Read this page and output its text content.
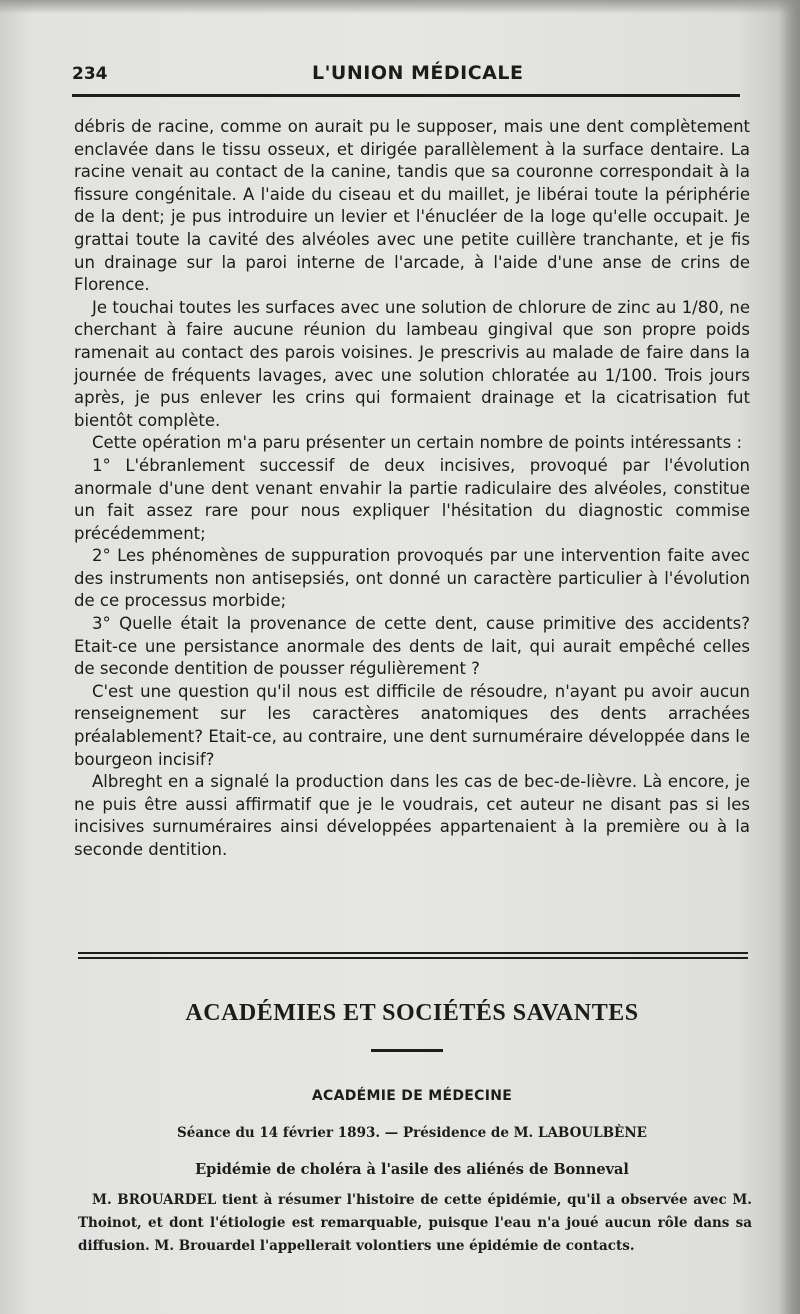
234	L'UNION MÉDICALE

débris de racine, comme on aurait pu le supposer, mais une dent complètement enclavée dans le tissu osseux, et dirigée parallèlement à la surface dentaire. La racine venait au contact de la canine, tandis que sa couronne correspondait à la fissure congénitale. A l'aide du ciseau et du maillet, je libérai toute la périphérie de la dent; je pus introduire un levier et l'énucléer de la loge qu'elle occupait. Je grattai toute la cavité des alvéoles avec une petite cuillère tranchante, et je fis un drainage sur la paroi interne de l'arcade, à l'aide d'une anse de crins de Florence.

Je touchai toutes les surfaces avec une solution de chlorure de zinc au 1/80, ne cherchant à faire aucune réunion du lambeau gingival que son propre poids ramenait au contact des parois voisines. Je prescrivis au malade de faire dans la journée de fréquents lavages, avec une solution chloratée au 1/100. Trois jours après, je pus enlever les crins qui formaient drainage et la cicatrisation fut bientôt complète.

Cette opération m'a paru présenter un certain nombre de points intéressants :

1° L'ébranlement successif de deux incisives, provoqué par l'évolution anormale d'une dent venant envahir la partie radiculaire des alvéoles, constitue un fait assez rare pour nous expliquer l'hésitation du diagnostic commise précédemment;

2° Les phénomènes de suppuration provoqués par une intervention faite avec des instruments non antisepsiés, ont donné un caractère particulier à l'évolution de ce processus morbide;

3° Quelle était la provenance de cette dent, cause primitive des accidents? Etait-ce une persistance anormale des dents de lait, qui aurait empêché celles de seconde dentition de pousser régulièrement ?

C'est une question qu'il nous est difficile de résoudre, n'ayant pu avoir aucun renseignement sur les caractères anatomiques des dents arrachées préalablement? Etait-ce, au contraire, une dent surnuméraire développée dans le bourgeon incisif?

Albreght en a signalé la production dans les cas de bec-de-lièvre. Là encore, je ne puis être aussi affirmatif que je le voudrais, cet auteur ne disant pas si les incisives surnuméraires ainsi développées appartenaient à la première ou à la seconde dentition.

ACADÉMIES ET SOCIÉTÉS SAVANTES
ACADÉMIE DE MÉDECINE
Séance du 14 février 1893. — Présidence de M. LABOULBÈNE
Epidémie de choléra à l'asile des aliénés de Bonneval

M. BROUARDEL tient à résumer l'histoire de cette épidémie, qu'il a observée avec M. Thoinot, et dont l'étiologie est remarquable, puisque l'eau n'a joué aucun rôle dans sa diffusion. M. Brouardel l'appellerait volontiers une épidémie de contacts.
